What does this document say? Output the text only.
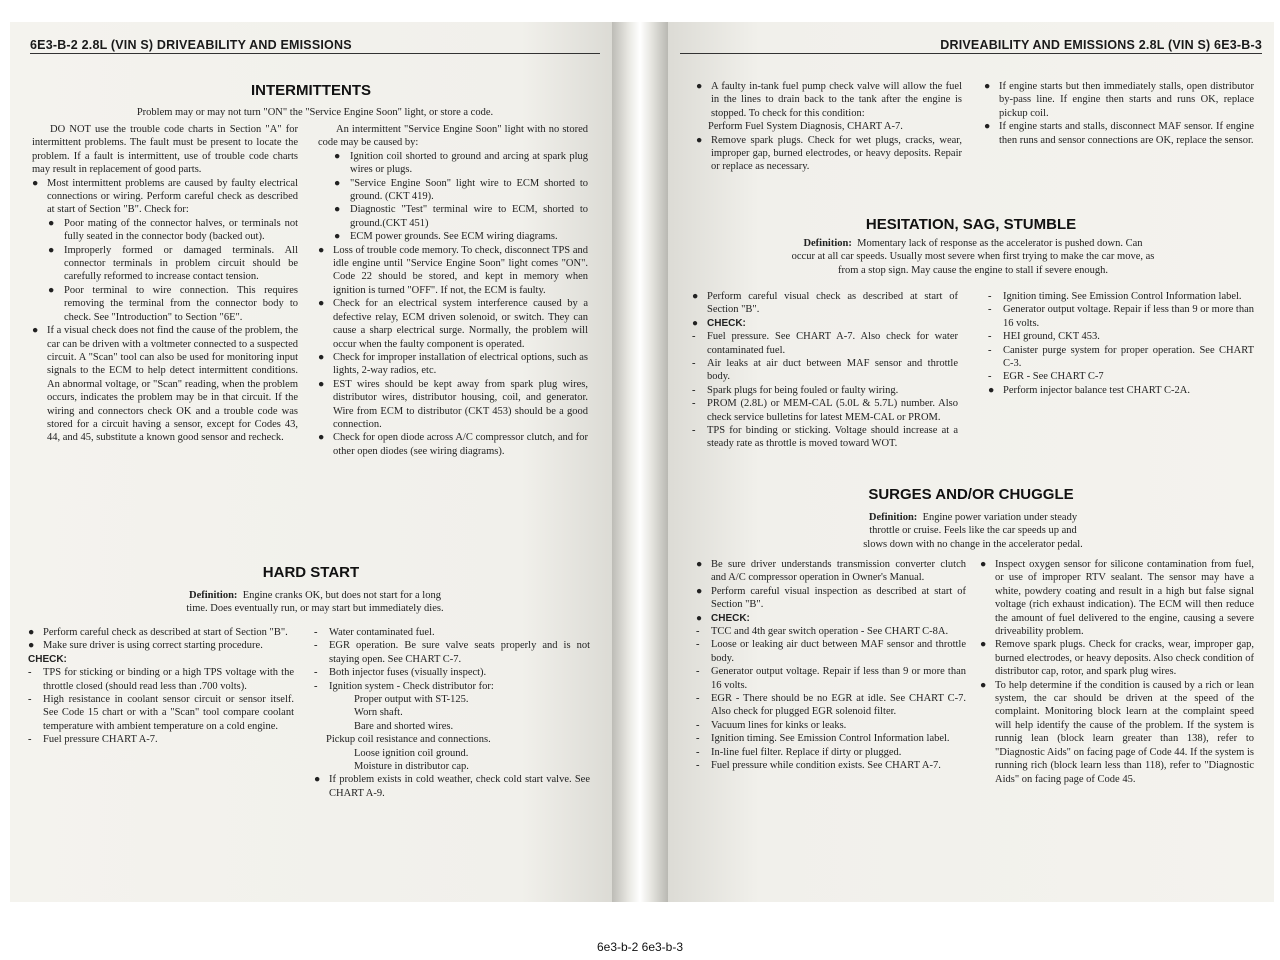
6E3-B-2 2.8L (VIN S) DRIVEABILITY AND EMISSIONS
INTERMITTENTS
Problem may or may not turn "ON" the "Service Engine Soon" light, or store a code.

DO NOT use the trouble code charts in Section "A" for intermittent problems. The fault must be present to locate the problem. If a fault is intermittent, use of trouble code charts may result in replacement of good parts.

● Most intermittent problems are caused by faulty electrical connections or wiring. Perform careful check as described at start of Section "B". Check for:

● Poor mating of the connector halves, or terminals not fully seated in the connector body (backed out).

● Improperly formed or damaged terminals. All connector terminals in problem circuit should be carefully reformed to increase contact tension.

● Poor terminal to wire connection. This requires removing the terminal from the connector body to check. See "Introduction" to Section "6E".

● If a visual check does not find the cause of the problem, the car can be driven with a voltmeter connected to a suspected circuit. A "Scan" tool can also be used for monitoring input signals to the ECM to help detect intermittent conditions. An abnormal voltage, or "Scan" reading, when the problem occurs, indicates the problem may be in that circuit. If the wiring and connectors check OK and a trouble code was stored for a circuit having a sensor, except for Codes 43, 44, and 45, substitute a known good sensor and recheck.

An intermittent "Service Engine Soon" light with no stored code may be caused by:

● Ignition coil shorted to ground and arcing at spark plug wires or plugs.

● "Service Engine Soon" light wire to ECM shorted to ground. (CKT 419).

● Diagnostic "Test" terminal wire to ECM, shorted to ground.(CKT 451)

● ECM power grounds. See ECM wiring diagrams.

● Loss of trouble code memory. To check, disconnect TPS and idle engine until "Service Engine Soon" light comes "ON". Code 22 should be stored, and kept in memory when ignition is turned "OFF". If not, the ECM is faulty.

● Check for an electrical system interference caused by a defective relay, ECM driven solenoid, or switch. They can cause a sharp electrical surge. Normally, the problem will occur when the faulty component is operated.

● Check for improper installation of electrical options, such as lights, 2-way radios, etc.

● EST wires should be kept away from spark plug wires, distributor wires, distributor housing, coil, and generator. Wire from ECM to distributor (CKT 453) should be a good connection.

● Check for open diode across A/C compressor clutch, and for other open diodes (see wiring diagrams).

HARD START
Definition: Engine cranks OK, but does not start for a long
time. Does eventually run, or may start but immediately dies.

● Perform careful check as described at start of Section "B".

● Make sure driver is using correct starting procedure.

CHECK:

-	TPS for sticking or binding or a high TPS voltage with the throttle closed (should read less than .700 volts).

-	High resistance in coolant sensor circuit or sensor itself. See Code 15 chart or with a "Scan" tool compare coolant temperature with ambient temperature on a cold engine.

-	Fuel pressure CHART A-7.

-	Water contaminated fuel.

-	EGR operation. Be sure valve seats properly and is not staying open. See CHART C-7.

-	Both injector fuses (visually inspect).

-	Ignition system - Check distributor for:

Proper output with ST-125.

Worn shaft.

Bare and shorted wires.

Pickup coil resistance and connections.

Loose ignition coil ground.

Moisture in distributor cap.

● If problem exists in cold weather, check cold start valve. See CHART A-9.

DRIVEABILITY AND EMISSIONS 2.8L (VIN S) 6E3-B-3

● A faulty in-tank fuel pump check valve will allow the fuel in the lines to drain back to the tank after the engine is stopped. To check for this condition:

Perform Fuel System Diagnosis, CHART A-7.

● Remove spark plugs. Check for wet plugs, cracks, wear, improper gap, burned electrodes, or heavy deposits. Repair or replace as necessary.

● If engine starts but then immediately stalls, open distributor by-pass line. If engine then starts and runs OK, replace pickup coil.

● If engine starts and stalls, disconnect MAF sensor. If engine then runs and sensor connections are OK, replace the sensor.

HESITATION, SAG, STUMBLE
Definition: Momentary lack of response as the accelerator is pushed down. Can
occur at all car speeds. Usually most severe when first trying to make the car move, as
from a stop sign. May cause the engine to stall if severe enough.

● Perform careful visual check as described at start of Section "B".

● CHECK:

-	Fuel pressure. See CHART A-7. Also check for water contaminated fuel.

-	Air leaks at air duct between MAF sensor and throttle body.

-	Spark plugs for being fouled or faulty wiring.

-	PROM (2.8L) or MEM-CAL (5.0L & 5.7L) number. Also check service bulletins for latest MEM-CAL or PROM.

-	TPS for binding or sticking. Voltage should increase at a steady rate as throttle is moved toward WOT.

-	Ignition timing. See Emission Control Information label.

-	Generator output voltage. Repair if less than 9 or more than 16 volts.

-	HEI ground, CKT 453.

-	Canister purge system for proper operation. See CHART C-3.

-	EGR - See CHART C-7

● Perform injector balance test CHART C-2A.

SURGES AND/OR CHUGGLE
Definition: Engine power variation under steady
throttle or cruise. Feels like the car speeds up and
slows down with no change in the accelerator pedal.

● Be sure driver understands transmission converter clutch and A/C compressor operation in Owner's Manual.

● Perform careful visual inspection as described at start of Section "B".

● CHECK:

-	TCC and 4th gear switch operation - See CHART C-8A.

-	Loose or leaking air duct between MAF sensor and throttle body.

-	Generator output voltage. Repair if less than 9 or more than 16 volts.

-	EGR - There should be no EGR at idle. See CHART C-7. Also check for plugged EGR solenoid filter.

-	Vacuum lines for kinks or leaks.

-	Ignition timing. See Emission Control Information label.

-	In-line fuel filter. Replace if dirty or plugged.

-	Fuel pressure while condition exists. See CHART A-7.

● Inspect oxygen sensor for silicone contamination from fuel, or use of improper RTV sealant. The sensor may have a white, powdery coating and result in a high but false signal voltage (rich exhaust indication). The ECM will then reduce the amount of fuel delivered to the engine, causing a severe driveability problem.

● Remove spark plugs. Check for cracks, wear, improper gap, burned electrodes, or heavy deposits. Also check condition of distributor cap, rotor, and spark plug wires.

● To help determine if the condition is caused by a rich or lean system, the car should be driven at the speed of the complaint. Monitoring block learn at the complaint speed will help identify the cause of the problem. If the system is runnig lean (block learn greater than 138), refer to "Diagnostic Aids" on facing page of Code 44. If the system is running rich (block learn less than 118), refer to "Diagnostic Aids" on facing page of Code 45.

6e3-b-2 6e3-b-3
